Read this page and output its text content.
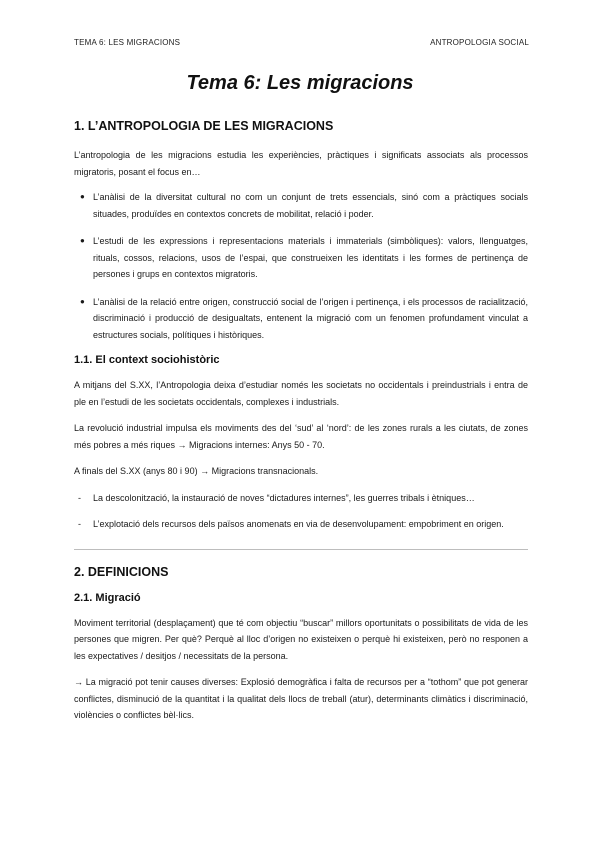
TEMA 6: LES MIGRACIONS	ANTROPOLOGIA SOCIAL
Tema 6: Les migracions
1. L’ANTROPOLOGIA DE LES MIGRACIONS

L’antropologia de les migracions estudia les experiències, pràctiques i significats associats als processos migratoris, posant el focus en…

● L’anàlisi de la diversitat cultural no com un conjunt de trets essencials, sinó com a pràctiques socials situades, produïdes en contextos concrets de mobilitat, relació i poder.
● L’estudi de les expressions i representacions materials i immaterials (simbòliques): valors, llenguatges, rituals, cossos, relacions, usos de l’espai, que construeixen les identitats i les formes de pertinença de persones i grups en contextos migratoris.
● L’anàlisi de la relació entre origen, construcció social de l’origen i pertinença, i els processos de racialització, discriminació i producció de desigualtats, entenent la migració com un fenomen profundament vinculat a estructures socials, polítiques i històriques.
1.1. El context sociohistòric

A mitjans del S.XX, l’Antropologia deixa d’estudiar només les societats no occidentals i preindustrials i entra de ple en l’estudi de les societats occidentals, complexes i industrials.

La revolució industrial impulsa els moviments des del ‘sud’ al ‘nord’: de les zones rurals a les ciutats, de zones més pobres a més riques → Migracions internes: Anys 50 - 70.

A finals del S.XX (anys 80 i 90) → Migracions transnacionals.

- La descolonització, la instauració de noves “dictadures internes”, les guerres tribals i ètniques…
- L’explotació dels recursos dels països anomenats en via de desenvolupament: empobriment en origen.
2. DEFINICIONS
2.1. Migració

Moviment territorial (desplaçament) que té com objectiu “buscar” millors oportunitats o possibilitats de vida de les persones que migren. Per què? Perquè al lloc d’origen no existeixen o perquè hi existeixen, però no responen a les expectatives / desitjos / necessitats de la persona.

→ La migració pot tenir causes diverses: Explosió demogràfica i falta de recursos per a “tothom” que pot generar conflictes, disminució de la quantitat i la qualitat dels llocs de treball (atur), determinants climàtics i discriminació, violències o conflictes bèl·lics.
